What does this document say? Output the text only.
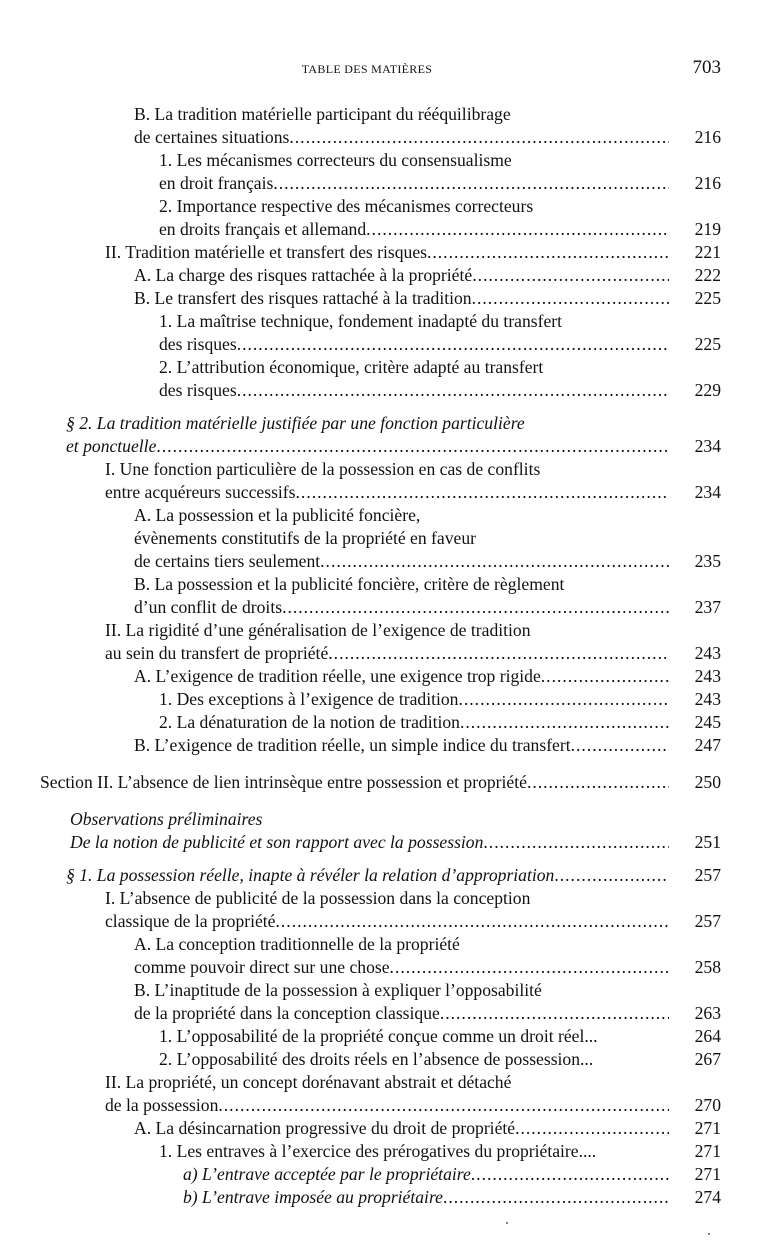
TABLE DES MATIÈRES	703
B. La tradition matérielle participant du rééquilibrage
de certaines situations .....	216
1. Les mécanismes correcteurs du consensualisme
en droit français .....	216
2. Importance respective des mécanismes correcteurs
en droits français et allemand .....	219
II. Tradition matérielle et transfert des risques .....	221
A. La charge des risques rattachée à la propriété .....	222
B. Le transfert des risques rattaché à la tradition .....	225
1. La maîtrise technique, fondement inadapté du transfert
des risques .....	225
2. L’attribution économique, critère adapté au transfert
des risques .....	229
§ 2. La tradition matérielle justifiée par une fonction particulière
et ponctuelle .....	234
I. Une fonction particulière de la possession en cas de conflits
entre acquéreurs successifs .....	234
A. La possession et la publicité foncière,
évènements constitutifs de la propriété en faveur
de certains tiers seulement .....	235
B. La possession et la publicité foncière, critère de règlement
d’un conflit de droits .....	237
II. La rigidité d’une généralisation de l’exigence de tradition
au sein du transfert de propriété .....	243
A. L’exigence de tradition réelle, une exigence trop rigide .....	243
1. Des exceptions à l’exigence de tradition .....	243
2. La dénaturation de la notion de tradition .....	245
B. L’exigence de tradition réelle, un simple indice du transfert .....	247
Section II. L’absence de lien intrinsèque entre possession et propriété .....	250
Observations préliminaires
De la notion de publicité et son rapport avec la possession .....	251
§ 1. La possession réelle, inapte à révéler la relation d’appropriation .....	257
I. L’absence de publicité de la possession dans la conception
classique de la propriété .....	257
A. La conception traditionnelle de la propriété
comme pouvoir direct sur une chose .....	258
B. L’inaptitude de la possession à expliquer l’opposabilité
de la propriété dans la conception classique .....	263
1. L’opposabilité de la propriété conçue comme un droit réel...	264
2. L’opposabilité des droits réels en l’absence de possession...	267
II. La propriété, un concept dorénavant abstrait et détaché
de la possession .....	270
A. La désincarnation progressive du droit de propriété .....	271
1. Les entraves à l’exercice des prérogatives du propriétaire....	271
a) L’entrave acceptée par le propriétaire .....	271
b) L’entrave imposée au propriétaire .....	274
